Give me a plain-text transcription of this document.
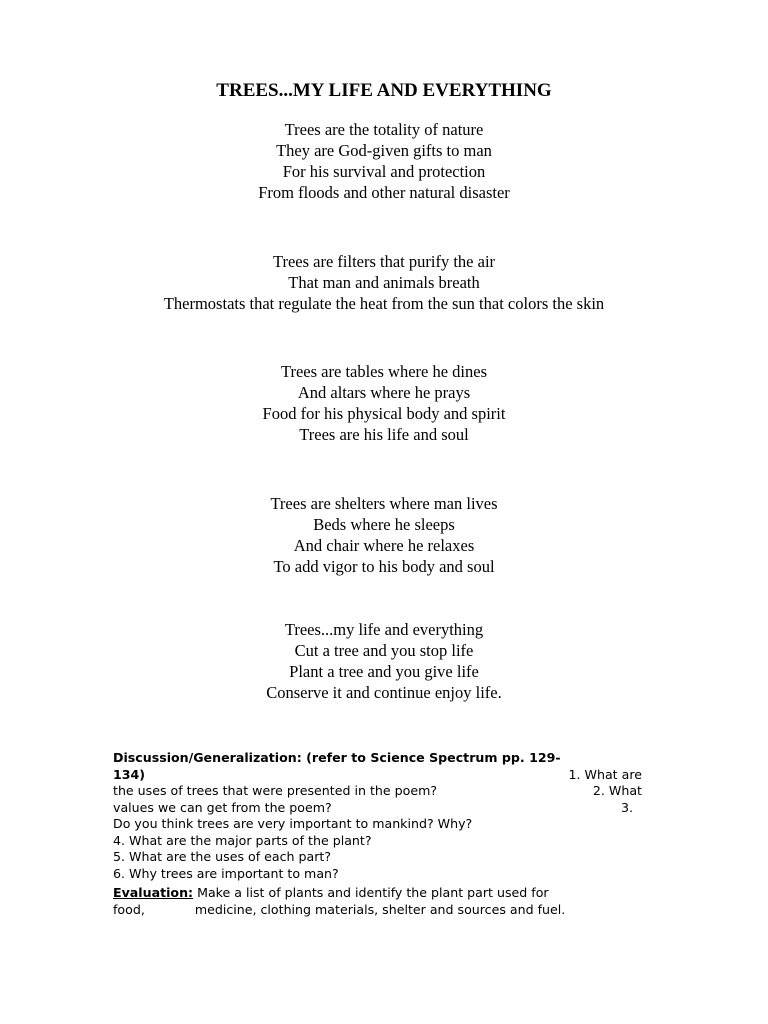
TREES...MY LIFE AND EVERYTHING
Trees are the totality of nature
They are God-given gifts to man
For his survival and protection
From floods and other natural disaster
Trees are filters that purify the air
That man and animals breath
Thermostats that regulate the heat from the sun that colors the skin
Trees are tables where he dines
And altars where he prays
Food for his physical body and spirit
Trees are his life and soul
Trees are shelters where man lives
Beds where he sleeps
And chair where he relaxes
To add vigor to his body and soul
Trees...my life and everything
Cut a tree and you stop life
Plant a tree and you give life
Conserve it and continue enjoy life.
Discussion/Generalization: (refer to Science Spectrum pp. 129-
134)	1. What are
the uses of trees that were presented in the poem?	2. What
values we can get from the poem?	3.
Do you think trees are very important to mankind? Why?
4. What are the major parts of the plant?
5. What are the uses of each part?
6. Why trees are important to man?
Evaluation: Make a list of plants and identify the plant part used for
food,	medicine, clothing materials, shelter and sources and fuel.
